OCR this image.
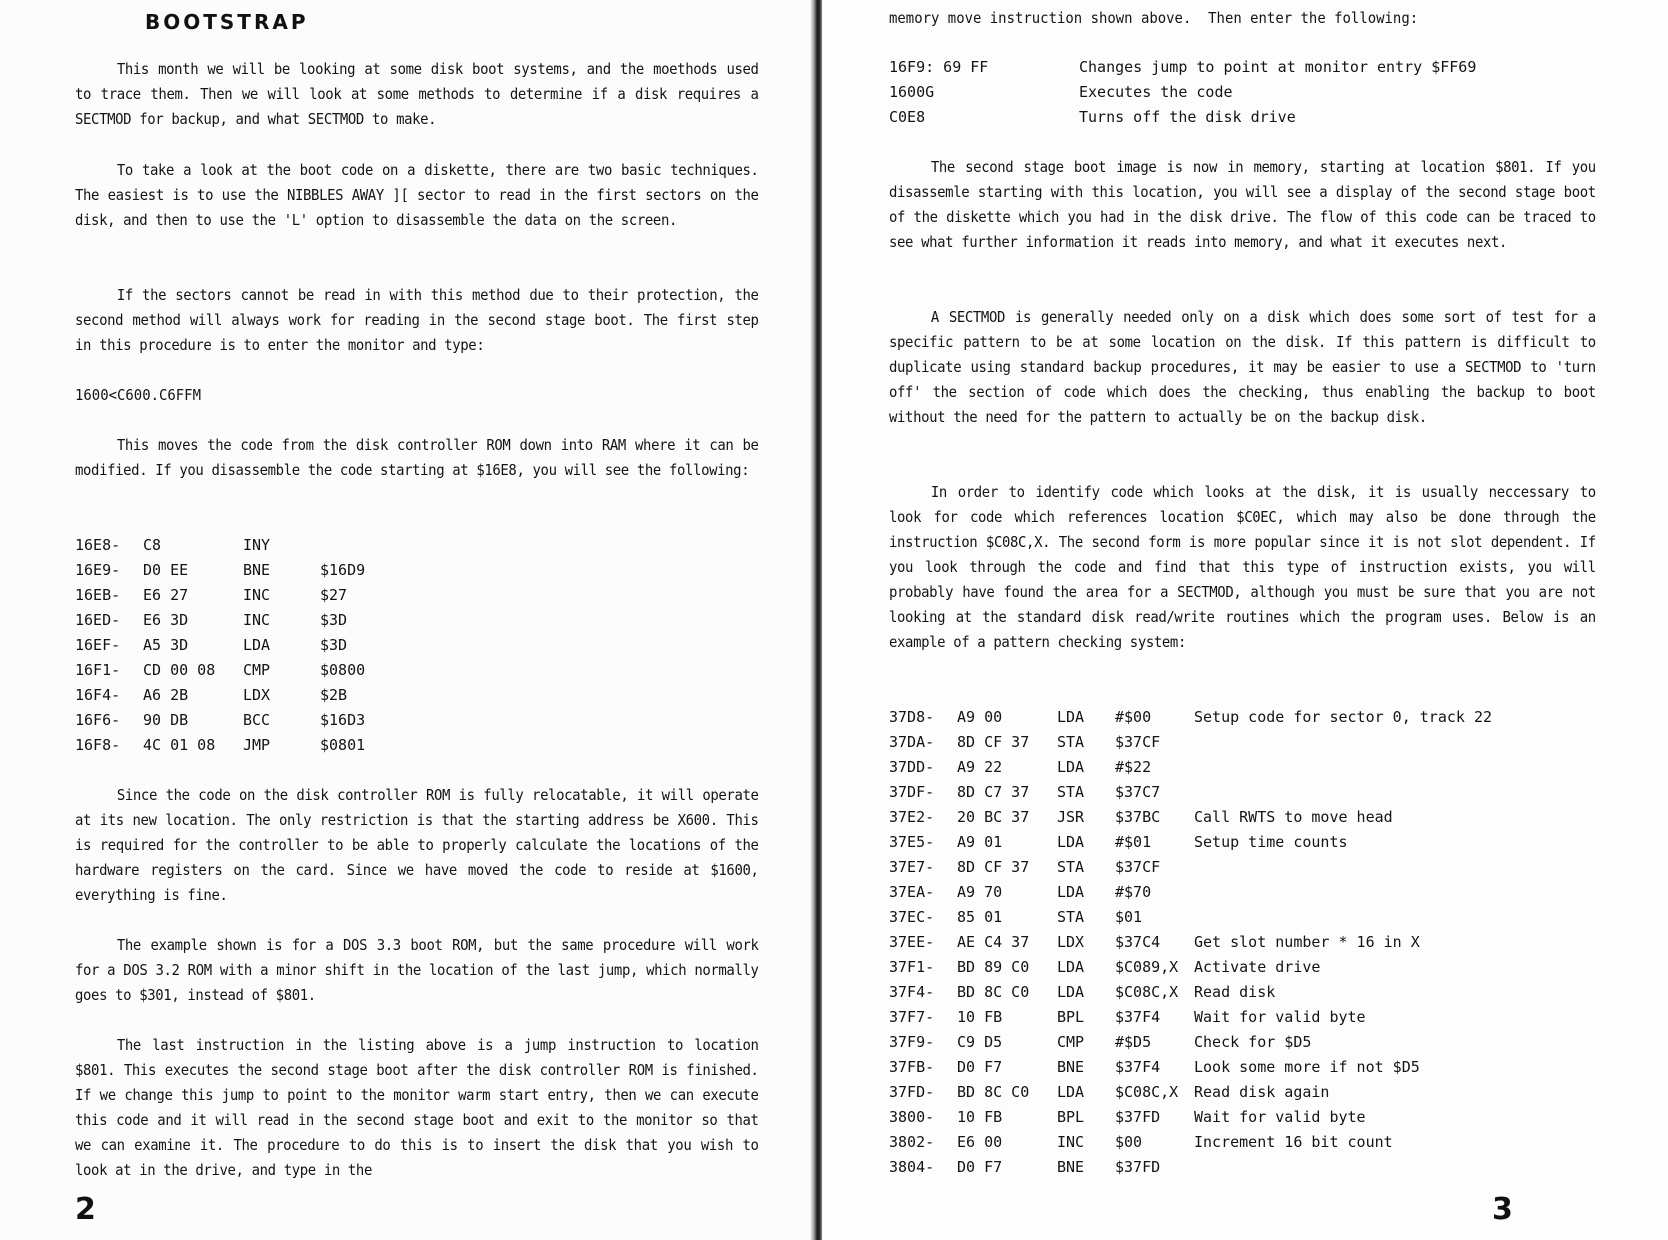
BOOTSTRAP

This month we will be looking at some disk boot systems, and the moethods used to trace them. Then we will look at some methods to determine if a disk requires a SECTMOD for backup, and what SECTMOD to make.

To take a look at the boot code on a diskette, there are two basic techniques. The easiest is to use the NIBBLES AWAY ][ sector to read in the first sectors on the disk, and then to use the 'L' option to disassemble the data on the screen.

If the sectors cannot be read in with this method due to their protection, the second method will always work for reading in the second stage boot. The first step in this procedure is to enter the monitor and type:

1600<C600.C6FFM

This moves the code from the disk controller ROM down into RAM where it can be modified. If you disassemble the code starting at $16E8, you will see the following:

16E8- C8	INY
16E9- D0 EE	BNE	$16D9
16EB- E6 27	INC	$27
16ED- E6 3D	INC	$3D
16EF- A5 3D	LDA	$3D
16F1- CD 00 08 CMP	$0800
16F4- A6 2B	LDX	$2B
16F6- 90 DB	BCC	$16D3
16F8- 4C 01 08 JMP	$0801

Since the code on the disk controller ROM is fully relocatable, it will operate at its new location. The only restriction is that the starting address be X600. This is required for the controller to be able to properly calculate the locations of the hardware registers on the card. Since we have moved the code to reside at $1600, everything is fine.

The example shown is for a DOS 3.3 boot ROM, but the same procedure will work for a DOS 3.2 ROM with a minor shift in the location of the last jump, which normally goes to $301, instead of $801.

The last instruction in the listing above is a jump instruction to location $801. This executes the second stage boot after the disk controller ROM is finished. If we change this jump to point to the monitor warm start entry, then we can execute this code and it will read in the second stage boot and exit to the monitor so that we can examine it. The procedure to do this is to insert the disk that you wish to look at in the drive, and type in the

2

memory move instruction shown above.  Then enter the following:

16F9: 69 FF	Changes jump to point at monitor entry $FF69
1600G	Executes the code
C0E8	Turns off the disk drive

The second stage boot image is now in memory, starting at location $801. If you disassemle starting with this location, you will see a display of the second stage boot of the diskette which you had in the disk drive. The flow of this code can be traced to see what further information it reads into memory, and what it executes next.

A SECTMOD is generally needed only on a disk which does some sort of test for a specific pattern to be at some location on the disk. If this pattern is difficult to duplicate using standard backup procedures, it may be easier to use a SECTMOD to 'turn off' the section of code which does the checking, thus enabling the backup to boot without the need for the pattern to actually be on the backup disk.

In order to identify code which looks at the disk, it is usually neccessary to look for code which references location $C0EC, which may also be done through the instruction $C08C,X. The second form is more popular since it is not slot dependent. If you look through the code and find that this type of instruction exists, you will probably have found the area for a SECTMOD, although you must be sure that you are not looking at the standard disk read/write routines which the program uses. Below is an example of a pattern checking system:

37D8- A9 00	LDA #$00	Setup code for sector 0, track 22
37DA- 8D CF 37 STA $37CF
37DD- A9 22	LDA #$22
37DF- 8D C7 37 STA $37C7
37E2- 20 BC 37 JSR $37BC Call RWTS to move head
37E5- A9 01	LDA #$01	Setup time counts
37E7- 8D CF 37 STA $37CF
37EA- A9 70	LDA #$70
37EC- 85 01	STA $01
37EE- AE C4 37 LDX $37C4 Get slot number * 16 in X
37F1- BD 89 C0 LDA $C089,X Activate drive
37F4- BD 8C C0 LDA $C08C,X Read disk
37F7- 10 FB	BPL $37F4 Wait for valid byte
37F9- C9 D5	CMP #$D5	Check for $D5
37FB- D0 F7	BNE $37F4 Look some more if not $D5
37FD- BD 8C C0 LDA $C08C,X Read disk again
3800- 10 FB	BPL $37FD Wait for valid byte
3802- E6 00	INC $00	Increment 16 bit count
3804- D0 F7	BNE $37FD

3
